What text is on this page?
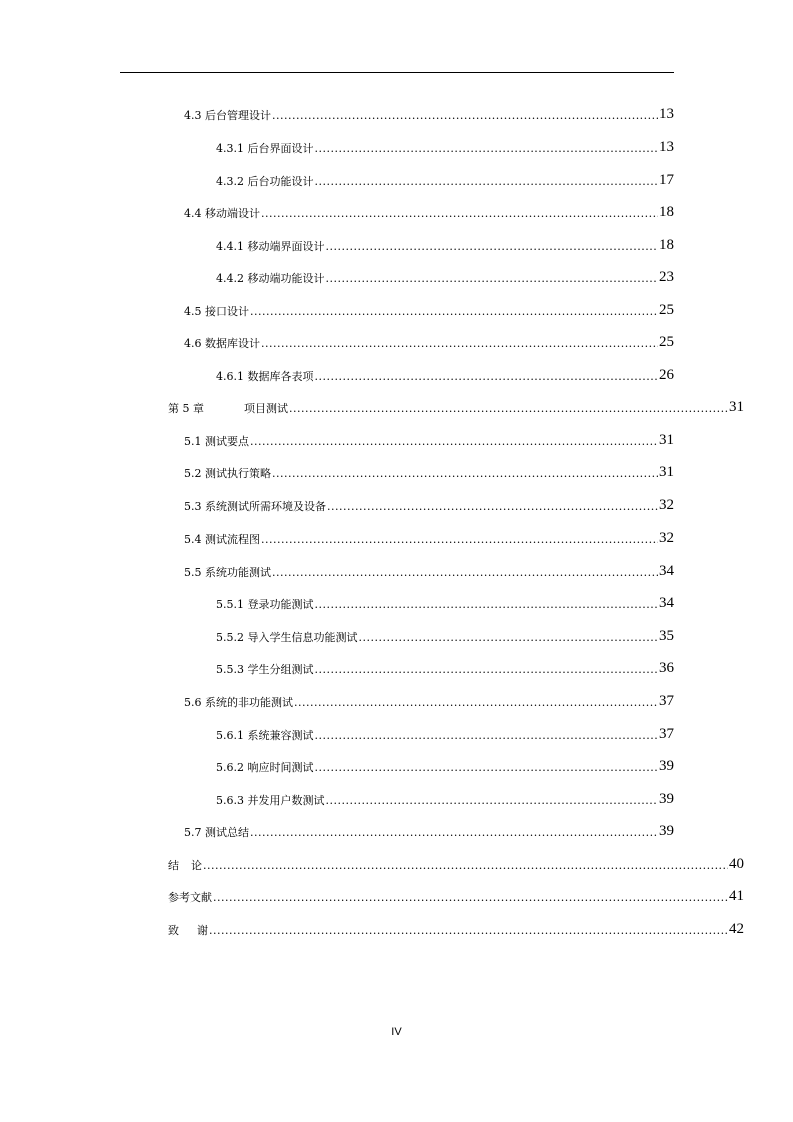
4.3 后台管理设计 .....	13
4.3.1 后台界面设计 .....	13
4.3.2 后台功能设计 .....	17
4.4 移动端设计 .....	18
4.4.1 移动端界面设计 .....	18
4.4.2 移动端功能设计 .....	23
4.5 接口设计 .....	25
4.6 数据库设计 .....	25
4.6.1 数据库各表项 .....	26
第 5 章	项目测试 .....	31
5.1 测试要点 .....	31
5.2 测试执行策略 .....	31
5.3 系统测试所需环境及设备 .....	32
5.4 测试流程图 .....	32
5.5 系统功能测试 .....	34
5.5.1 登录功能测试 .....	34
5.5.2 导入学生信息功能测试 .....	35
5.5.3 学生分组测试 .....	36
5.6 系统的非功能测试 .....	37
5.6.1 系统兼容测试 .....	37
5.6.2 响应时间测试 .....	39
5.6.3 并发用户数测试 .....	39
5.7 测试总结 .....	39
结 论 .....	40
参考文献 .....	41
致 谢 .....	42
IV
